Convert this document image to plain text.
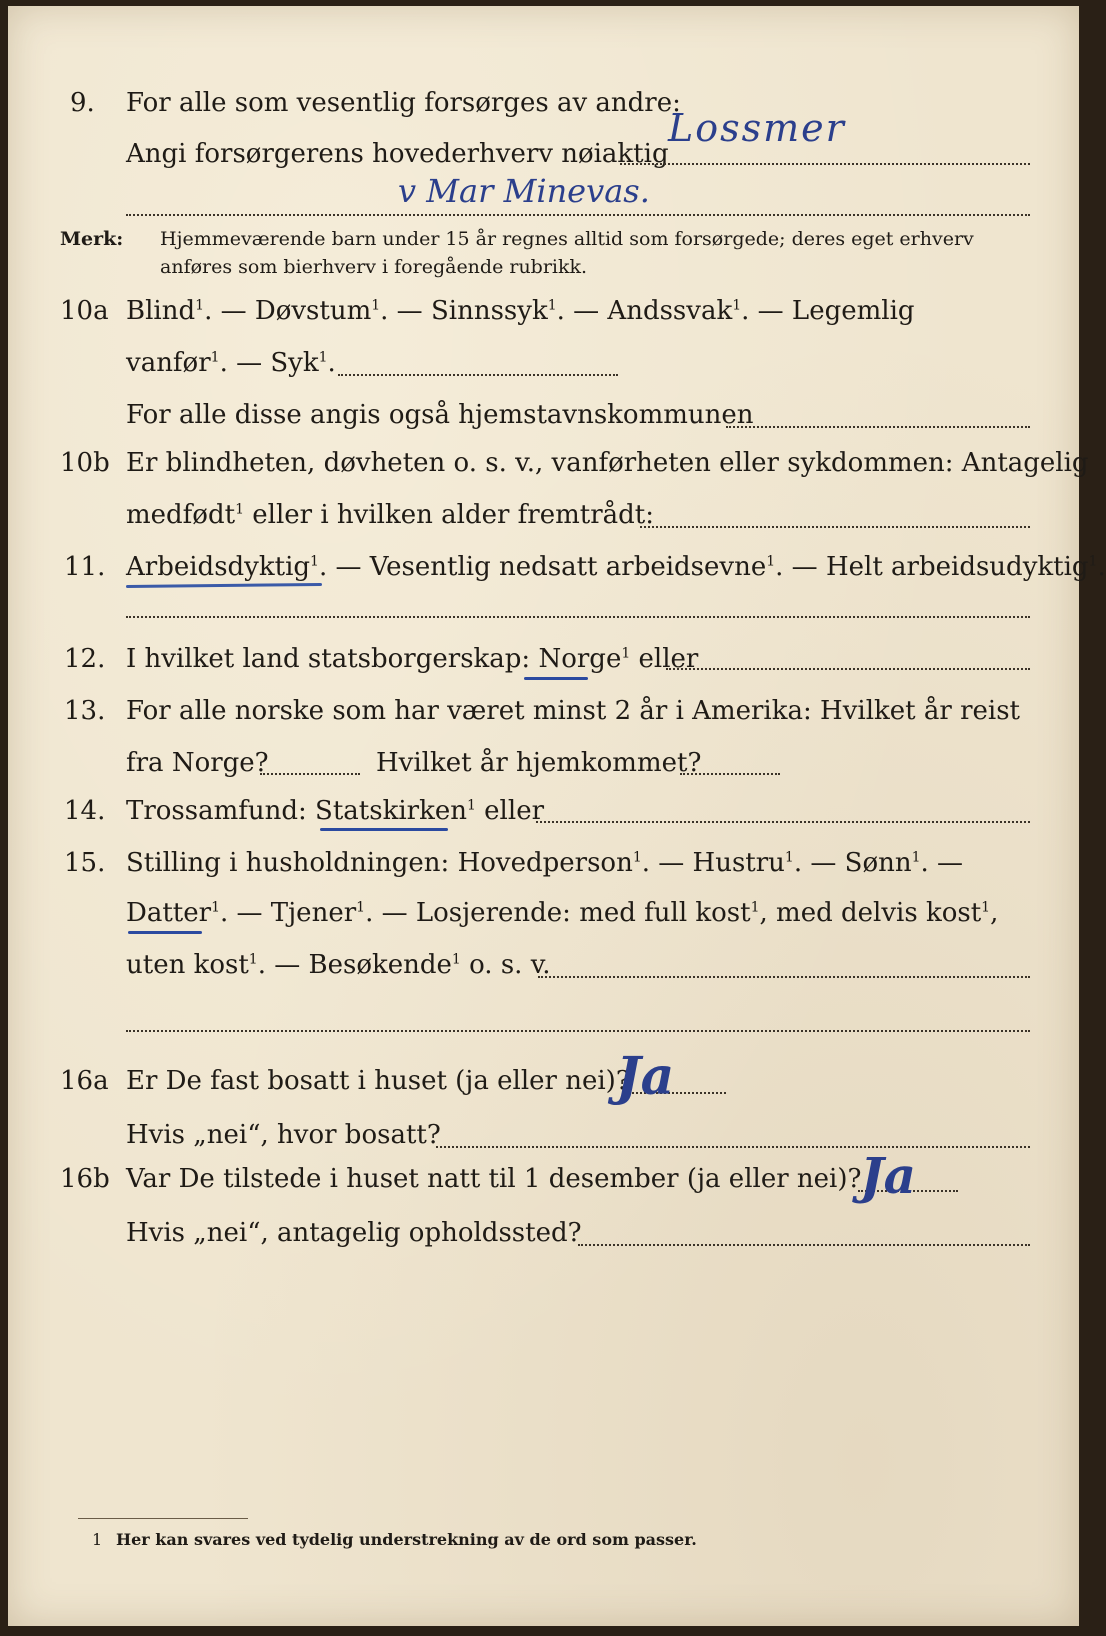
9. For alle som vesentlig forsørges av andre:
Angi forsørgerens hovederhverv nøiaktig
Lossmer
v Mar Minevas.
Merk: Hjemmeværende barn under 15 år regnes alltid som forsørgede; deres eget erhverv
anføres som bierhverv i foregående rubrikk.
10a Blind$^1$. — Døvstum$^1$. — Sinnssyk$^1$. — Andssvak$^1$. — Legemlig
vanfør$^1$. — Syk$^1$.
For alle disse angis også hjemstavnskommunen
10b Er blindheten, døvheten o. s. v., vanførheten eller sykdommen: Antagelig
medfødt$^1$ eller i hvilken alder fremtrådt:
11. Arbeidsdyktig$^1$. — Vesentlig nedsatt arbeidsevne$^1$. — Helt arbeidsudyktig$^1$.
12. I hvilket land statsborgerskap: Norge$^1$ eller
13. For alle norske som har været minst 2 år i Amerika: Hvilket år reist
fra Norge?	Hvilket år hjemkommet?
14. Trossamfund: Statskirken$^1$ eller
15. Stilling i husholdningen: Hovedperson$^1$. — Hustru$^1$. — Sønn$^1$. —
Datter$^1$. — Tjener$^1$. — Losjerende: med full kost$^1$, med delvis kost$^1$,
uten kost$^1$. — Besøkende$^1$ o. s. v.
16a Er De fast bosatt i huset (ja eller nei)?
Ja
Hvis „nei“, hvor bosatt?
16b Var De tilstede i huset natt til 1 desember (ja eller nei)?
Ja
Hvis „nei“, antagelig opholdssted?
1 Her kan svares ved tydelig understrekning av de ord som passer.
